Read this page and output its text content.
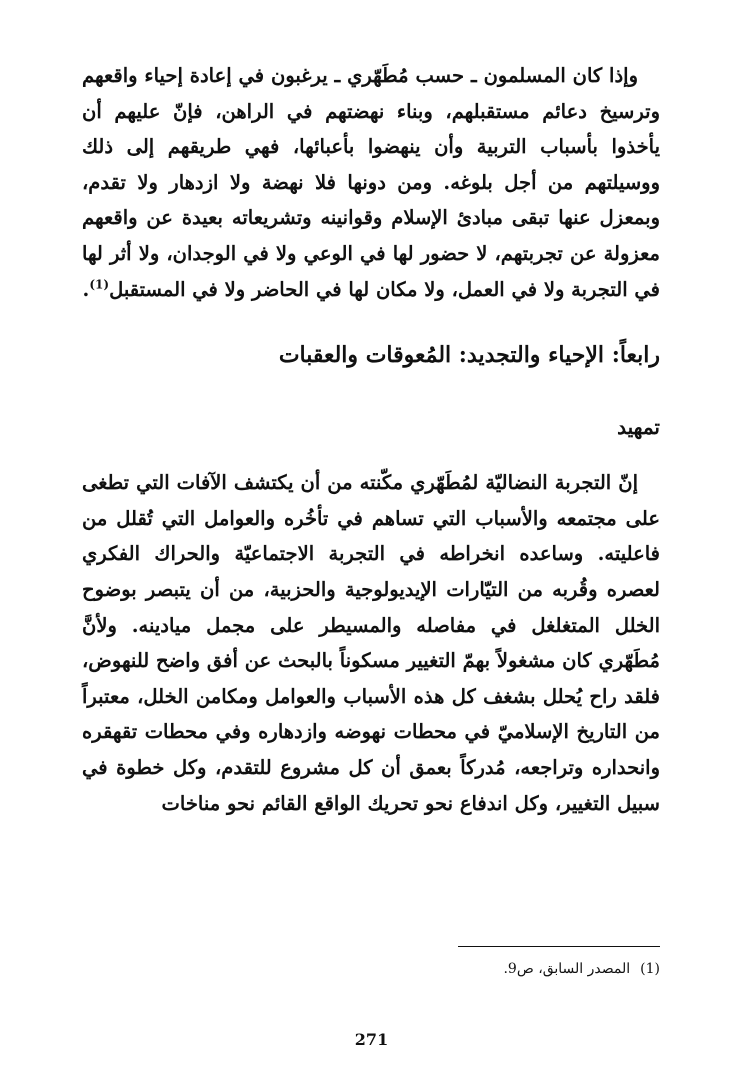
وإذا كان المسلمون ـ حسب مُطَهّري ـ يرغبون في إعادة إحياء واقعهم وترسيخ دعائم مستقبلهم، وبناء نهضتهم في الراهن، فإنّ عليهم أن يأخذوا بأسباب التربية وأن ينهضوا بأعبائها، فهي طريقهم إلى ذلك ووسيلتهم من أجل بلوغه. ومن دونها فلا نهضة ولا ازدهار ولا تقدم، وبمعزل عنها تبقى مبادئ الإسلام وقوانينه وتشريعاته بعيدة عن واقعهم معزولة عن تجربتهم، لا حضور لها في الوعي ولا في الوجدان، ولا أثر لها في التجربة ولا في العمل، ولا مكان لها في الحاضر ولا في المستقبل$^{(1)}$.

رابعاً: الإحياء والتجديد: المُعوقات والعقبات
تمهيد

إنّ التجربة النضاليّة لمُطَهّري مكّنته من أن يكتشف الآفات التي تطغى على مجتمعه والأسباب التي تساهم في تأخُره والعوامل التي تُقلل من فاعليته. وساعده انخراطه في التجربة الاجتماعيّة والحراك الفكري لعصره وقُربه من التيّارات الإيديولوجية والحزبية، من أن يتبصر بوضوح الخلل المتغلغل في مفاصله والمسيطر على مجمل ميادينه. ولأنَّ مُطَهّري كان مشغولاً بهمّ التغيير مسكوناً بالبحث عن أفق واضح للنهوض، فلقد راح يُحلل بشغف كل هذه الأسباب والعوامل ومكامن الخلل، معتبراً من التاريخ الإسلاميّ في محطات نهوضه وازدهاره وفي محطات تقهقره وانحداره وتراجعه، مُدركاً بعمق أن كل مشروع للتقدم، وكل خطوة في سبيل التغيير، وكل اندفاع نحو تحريك الواقع القائم نحو مناخات

(1)المصدر السابق، ص9.
271
